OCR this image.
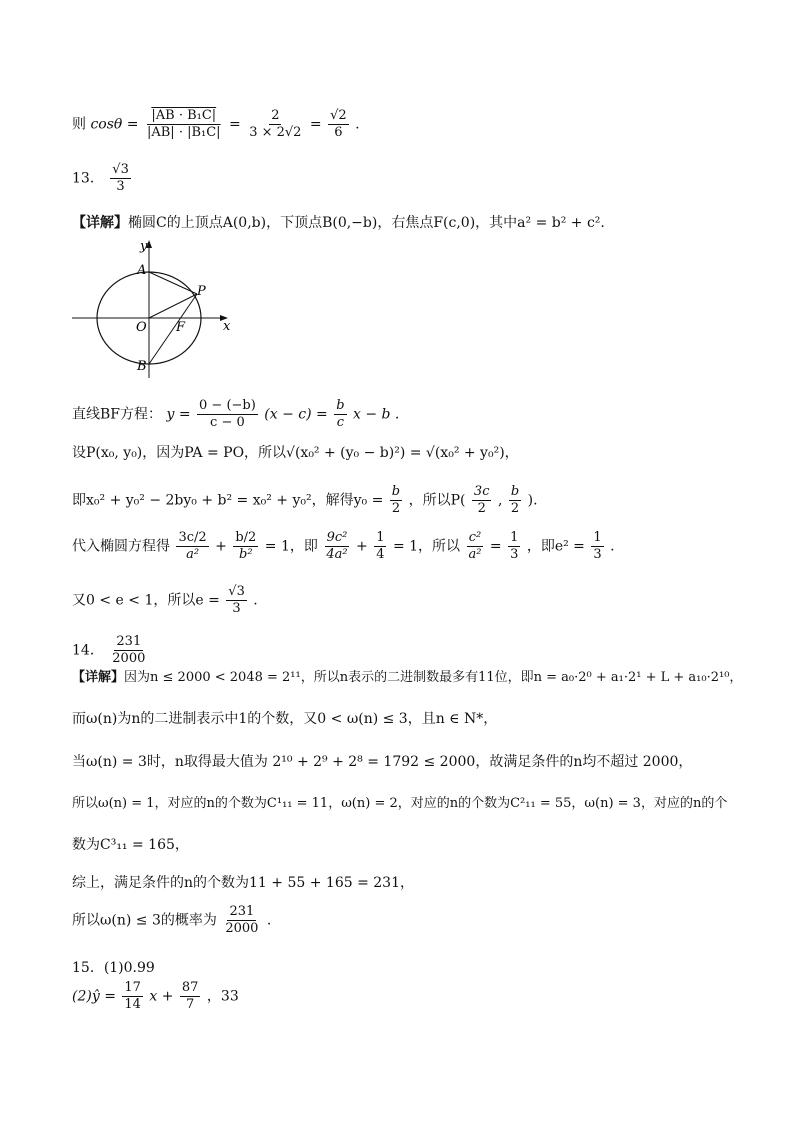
则 $\cos\theta = \frac{\text{|AB · B₁C|}}{\text{|AB| · |B₁C|}} = \frac{2}{3 \times 2√2} = \frac{√2}{6}$ .
13． $\frac{√3}{3}$
【详解】椭圆C的上顶点A(0,b)，下顶点B(0,−b)，右焦点F(c,0)，其中a² = b² + c².
y
x
A
B
O F
P
直线BF方程： $y = \frac{0 - (-b)}{c - 0} (x - c) = \frac{b}{c}$ x − b .
设P(x₀, y₀)，因为PA = PO，所以√(x₀² + (y₀ − b)²) = √(x₀² + y₀²)，
即x₀² + y₀² − 2by₀ + b² = x₀² + y₀²，解得$y_0 = \frac{b}{2}$ ，所以$P( \frac{3c}{2}$ , $\frac{b}{2}$ ).
代入椭圆方程得 $\frac{3c/2}{\text{a²}} + \frac{b/2}{\text{b²}} = 1$，即 $\frac{\text{9c²}}{\text{4a²}} + \frac{1}{4} = 1$，所以 $\frac{\text{c²}}{\text{a²}} = \frac{1}{3}$ ，即$e^2 = \frac{1}{3}$ .
又0 < e < 1，所以$e = \frac{√3}{3}$ .
14． $\frac{231}{2000}$
【详解】因为n ≤ 2000 < 2048 = 2¹¹，所以n表示的二进制数最多有11位，即n = a₀·2⁰ + a₁·2¹ + L + a₁₀·2¹⁰，
而ω(n)为n的二进制表示中1的个数，又0 < ω(n) ≤ 3，且n ∈ N*，
当ω(n) = 3时，n取得最大值为 2¹⁰ + 2⁹ + 2⁸ = 1792 ≤ 2000，故满足条件的n均不超过 2000，
所以ω(n) = 1，对应的n的个数为C¹₁₁ = 11，ω(n) = 2，对应的n的个数为C²₁₁ = 55，ω(n) = 3，对应的n的个
数为C³₁₁ = 165，
综上，满足条件的n的个数为11 + 55 + 165 = 231，
所以ω(n) ≤ 3的概率为 $\frac{231}{2000}$ .
15．(1)0.99
(2)ŷ = $\frac{17}{14}$ $x + \frac{87}{7}$ ，33
